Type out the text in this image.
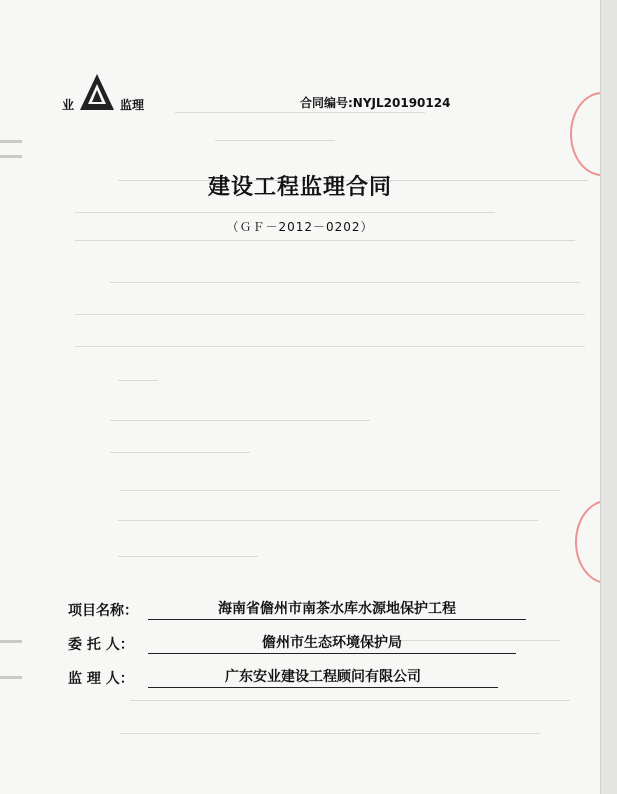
业	监理	合同编号:NYJL20190124
建设工程监理合同
（ＧＦ－2012－0202）
项目名称：	海南省儋州市南茶水库水源地保护工程
委 托 人：	儋州市生态环境保护局
监 理 人：	广东安业建设工程顾问有限公司
